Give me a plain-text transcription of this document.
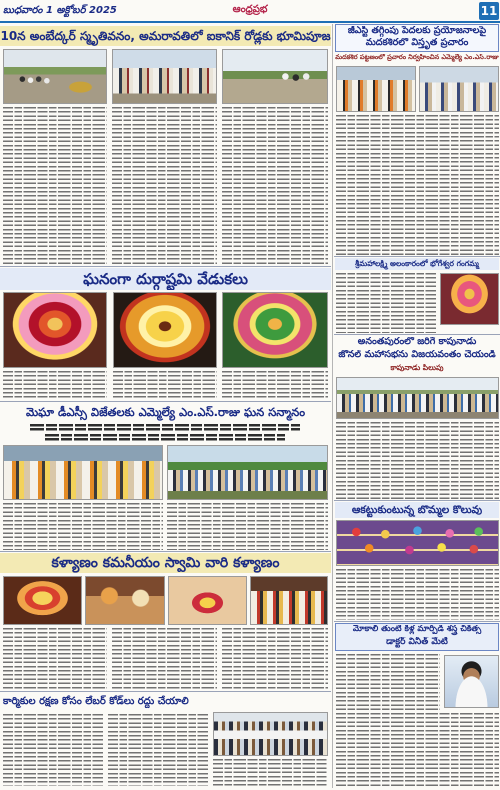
బుధవారం 1 అక్టోబర్ 2025	ఆంధ్రప్రభ	11
10న అంబేద్కర్ స్మృతివనం, అమరావతిలో ఐకానిక్ రోడ్లకు భూమిపూజ
ఘనంగా దుర్గాష్టమి వేడుకలు
మెఘా డీఎస్సీ విజేతలకు ఎమ్మెల్యే ఎం.ఎస్.రాజు ఘన సన్మానం
కళ్యాణం కమనీయం స్వామి వారి కళ్యాణం
కార్మికుల రక్షణ కోసం లేబర్ కోడ్‌లు రద్దు చేయాలి
జీఎస్టీ తగ్గింపు పేదలకు ప్రయోజనాలపై
మదకశిరలో విస్తృత ప్రచారం
మదకశిర పట్టణంలో ప్రచారం నిర్వహించిన ఎమ్మెల్యే ఎం.ఎస్.రాజు
శ్రీమహాలక్ష్మి అలంకారంలో భోగేశ్వర గంగమ్మ
అనంతపురంలో జరిగే కాపునాడు
జోనల్ మహాసభను విజయవంతం చేయండి
కాపునాడు పిలుపు
ఆకట్టుకుంటున్న బొమ్మల కొలువు
మోకాలి తుంటి కీళ్ల మార్పిడి శస్త్ర చికిత్స
డాక్టర్ వినీత్ మేటి
